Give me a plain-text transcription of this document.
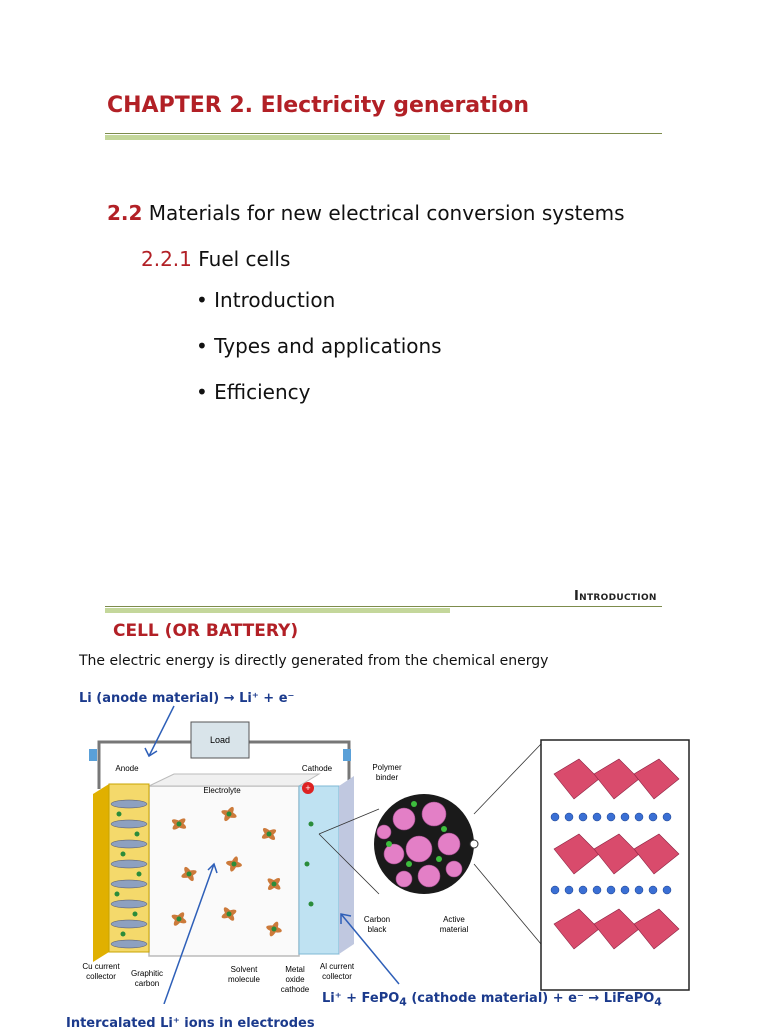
CHAPTER 2. Electricity generation
2.2 Materials for new electrical conversion systems
2.2.1 Fuel cells
• Introduction
• Types and applications
• Efficiency
Introduction
CELL (OR BATTERY)
The electric energy is directly generated from the chemical energy
Li (anode material) → Li⁺ + e⁻
Load
Electrolyte
Anode	Cathode
+
Polymer
binder
Carbon
black
Active
material
Cu current
collector Graphitic
carbon
Solvent
molecule
Metal
oxide
cathode
Al current
collector
Li⁺ + FePO$_4$ (cathode material) + e⁻ → LiFePO$_4$
Intercalated Li⁺ ions in electrodes
